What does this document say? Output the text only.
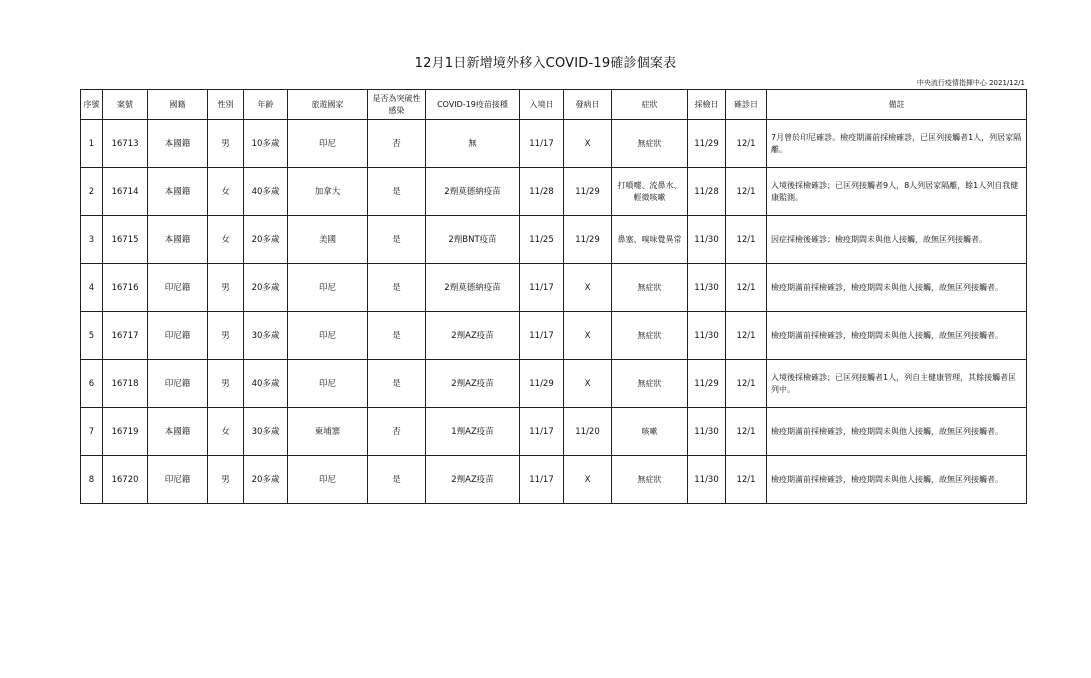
12月1日新增境外移入COVID-19確診個案表
中央流行疫情指揮中心 2021/12/1
序號	案號	國籍	性別	年齡	旅遊國家	是否為突破性感染	COVID-19疫苗接種	入境日	發病日	症狀	採檢日	確診日	備註
1	16713	本國籍	男	10多歲	印尼	否	無	11/17	X	無症狀	11/29	12/1	7月曾於印尼確診。檢疫期滿前採檢確診，已匡列接觸者1人，列居家隔離。
2	16714	本國籍	女	40多歲	加拿大	是	2劑莫德納疫苗	11/28	11/29	打噴嚏、流鼻水、輕微咳嗽	11/28	12/1	入境後採檢確診；已匡列接觸者9人，8人列居家隔離，餘1人列自我健康監測。
3	16715	本國籍	女	20多歲	美國	是	2劑BNT疫苗	11/25	11/29	鼻塞、嗅味覺異常	11/30	12/1	因症採檢後確診；檢疫期間未與他人接觸，故無匡列接觸者。
4	16716	印尼籍	男	20多歲	印尼	是	2劑莫德納疫苗	11/17	X	無症狀	11/30	12/1	檢疫期滿前採檢確診，檢疫期間未與他人接觸，故無匡列接觸者。
5	16717	印尼籍	男	30多歲	印尼	是	2劑AZ疫苗	11/17	X	無症狀	11/30	12/1	檢疫期滿前採檢確診，檢疫期間未與他人接觸，故無匡列接觸者。
6	16718	印尼籍	男	40多歲	印尼	是	2劑AZ疫苗	11/29	X	無症狀	11/29	12/1	入境後採檢確診；已匡列接觸者1人，列自主健康管理，其餘接觸者匡列中。
7	16719	本國籍	女	30多歲	柬埔寨	否	1劑AZ疫苗	11/17	11/20	咳嗽	11/30	12/1	檢疫期滿前採檢確診，檢疫期間未與他人接觸，故無匡列接觸者。
8	16720	印尼籍	男	20多歲	印尼	是	2劑AZ疫苗	11/17	X	無症狀	11/30	12/1	檢疫期滿前採檢確診，檢疫期間未與他人接觸，故無匡列接觸者。
